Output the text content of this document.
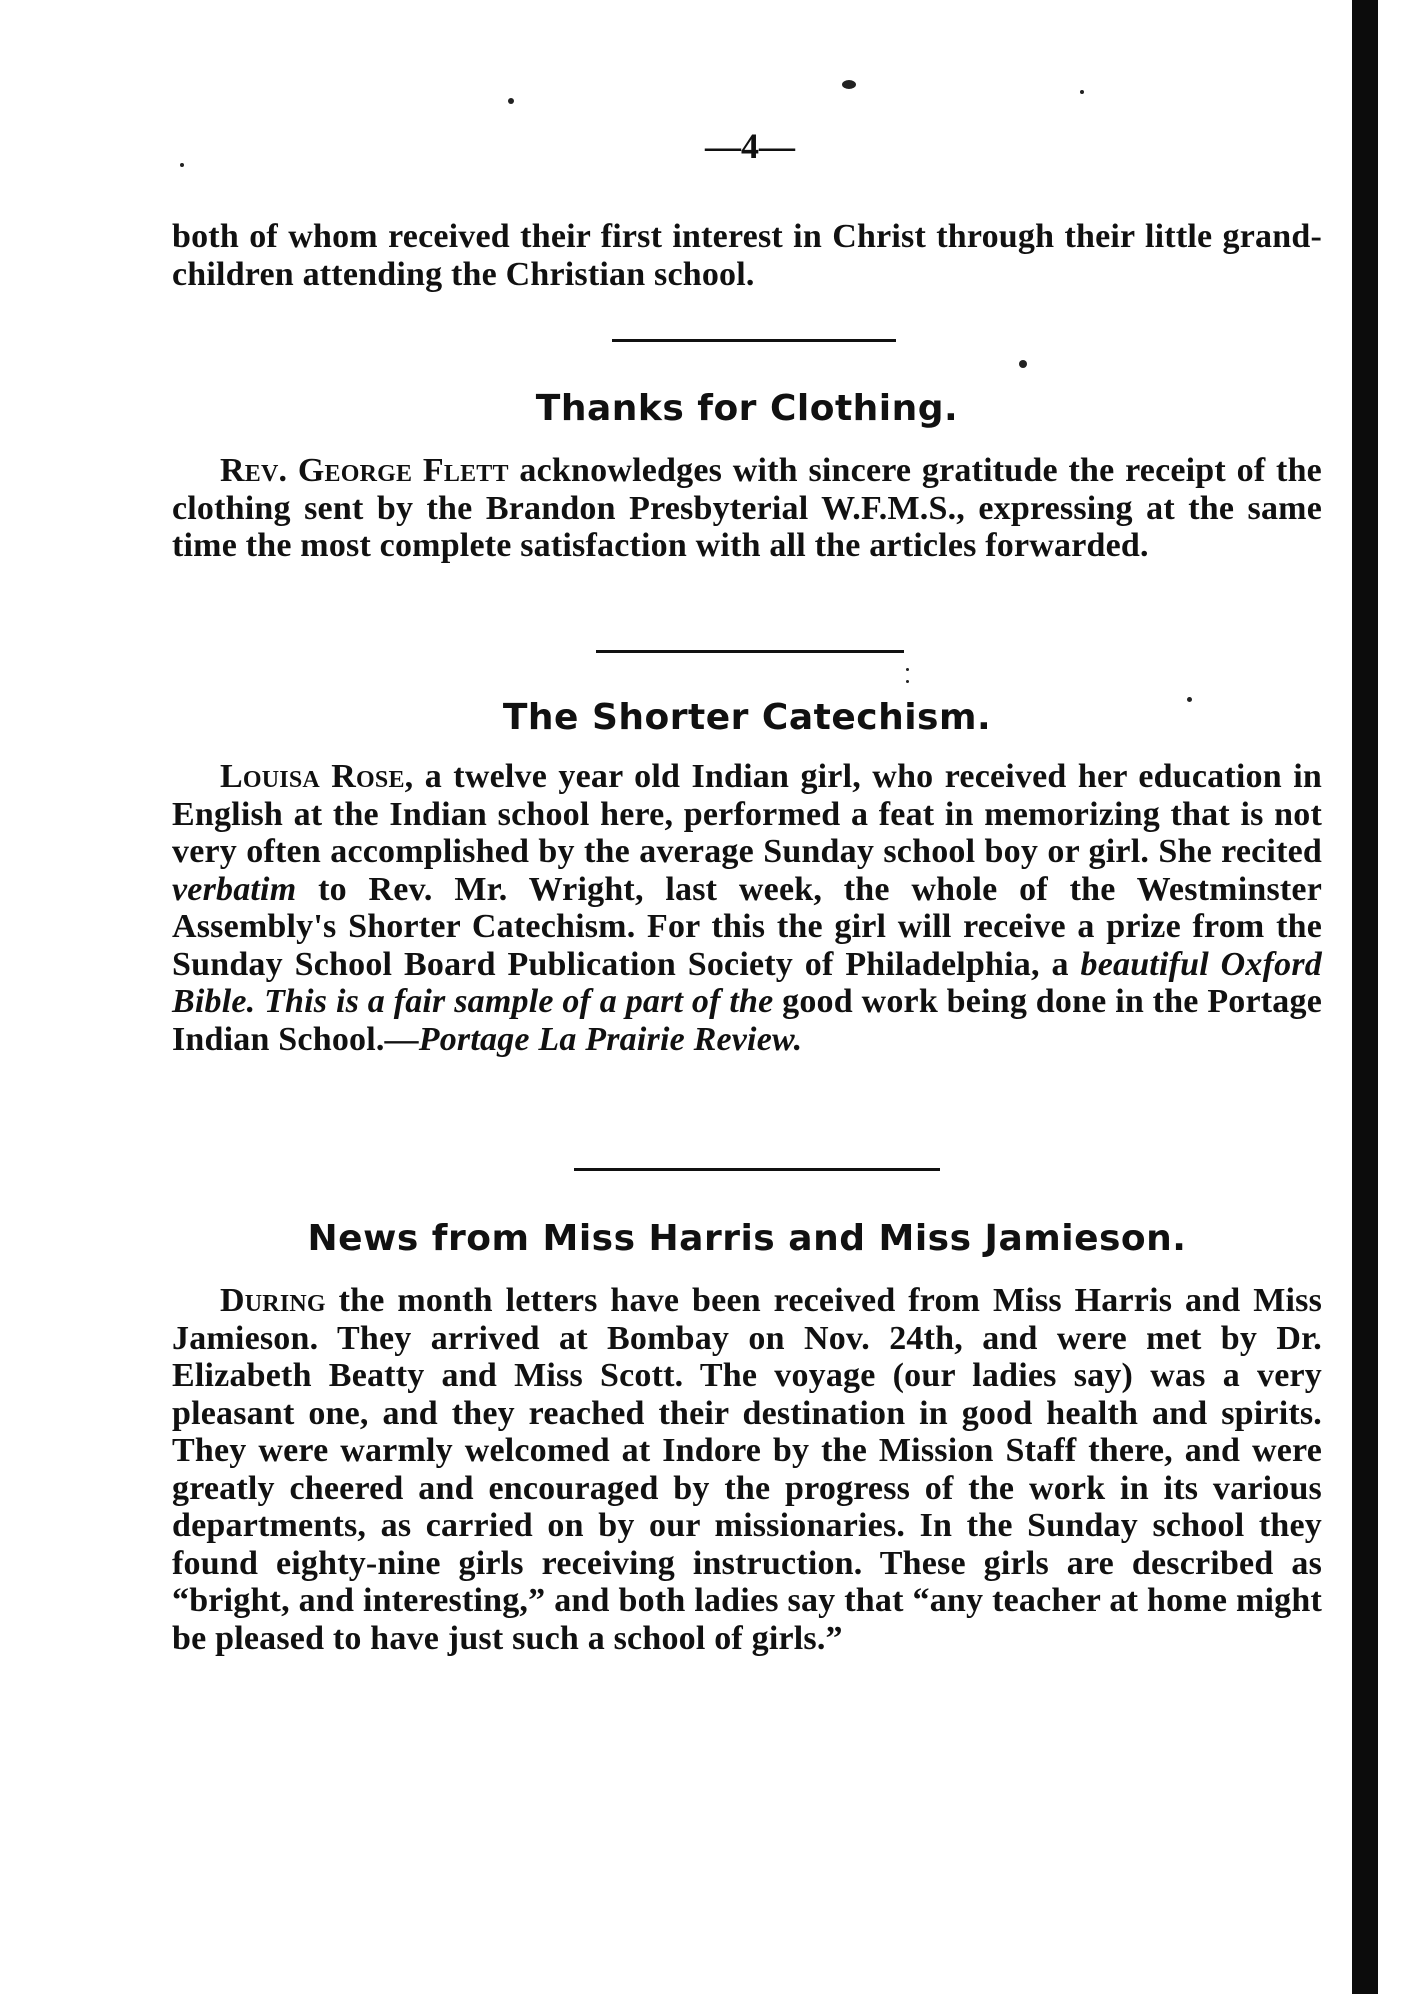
—4—

both of whom received their first interest in Christ through their little grand-children attending the Christian school.

Thanks for Clothing.

Rev. George Flett acknowledges with sincere gratitude the receipt of the clothing sent by the Brandon Presbyterial W.F.M.S., expressing at the same time the most complete satisfaction with all the articles forwarded.

The Shorter Catechism.

Louisa Rose, a twelve year old Indian girl, who received her education in English at the Indian school here, performed a feat in memorizing that is not very often accomplished by the average Sunday school boy or girl. She recited verbatim to Rev. Mr. Wright, last week, the whole of the Westminster Assembly's Shorter Catechism. For this the girl will receive a prize from the Sunday School Board Publication Society of Philadelphia, a beautiful Oxford Bible. This is a fair sample of a part of the good work being done in the Portage Indian School.—Portage La Prairie Review.

News from Miss Harris and Miss Jamieson.

During the month letters have been received from Miss Harris and Miss Jamieson. They arrived at Bombay on Nov. 24th, and were met by Dr. Elizabeth Beatty and Miss Scott. The voyage (our ladies say) was a very pleasant one, and they reached their destination in good health and spirits. They were warmly welcomed at Indore by the Mission Staff there, and were greatly cheered and encouraged by the progress of the work in its various departments, as carried on by our missionaries. In the Sunday school they found eighty-nine girls receiving instruction. These girls are described as “bright, and interesting,” and both ladies say that “any teacher at home might be pleased to have just such a school of girls.”
